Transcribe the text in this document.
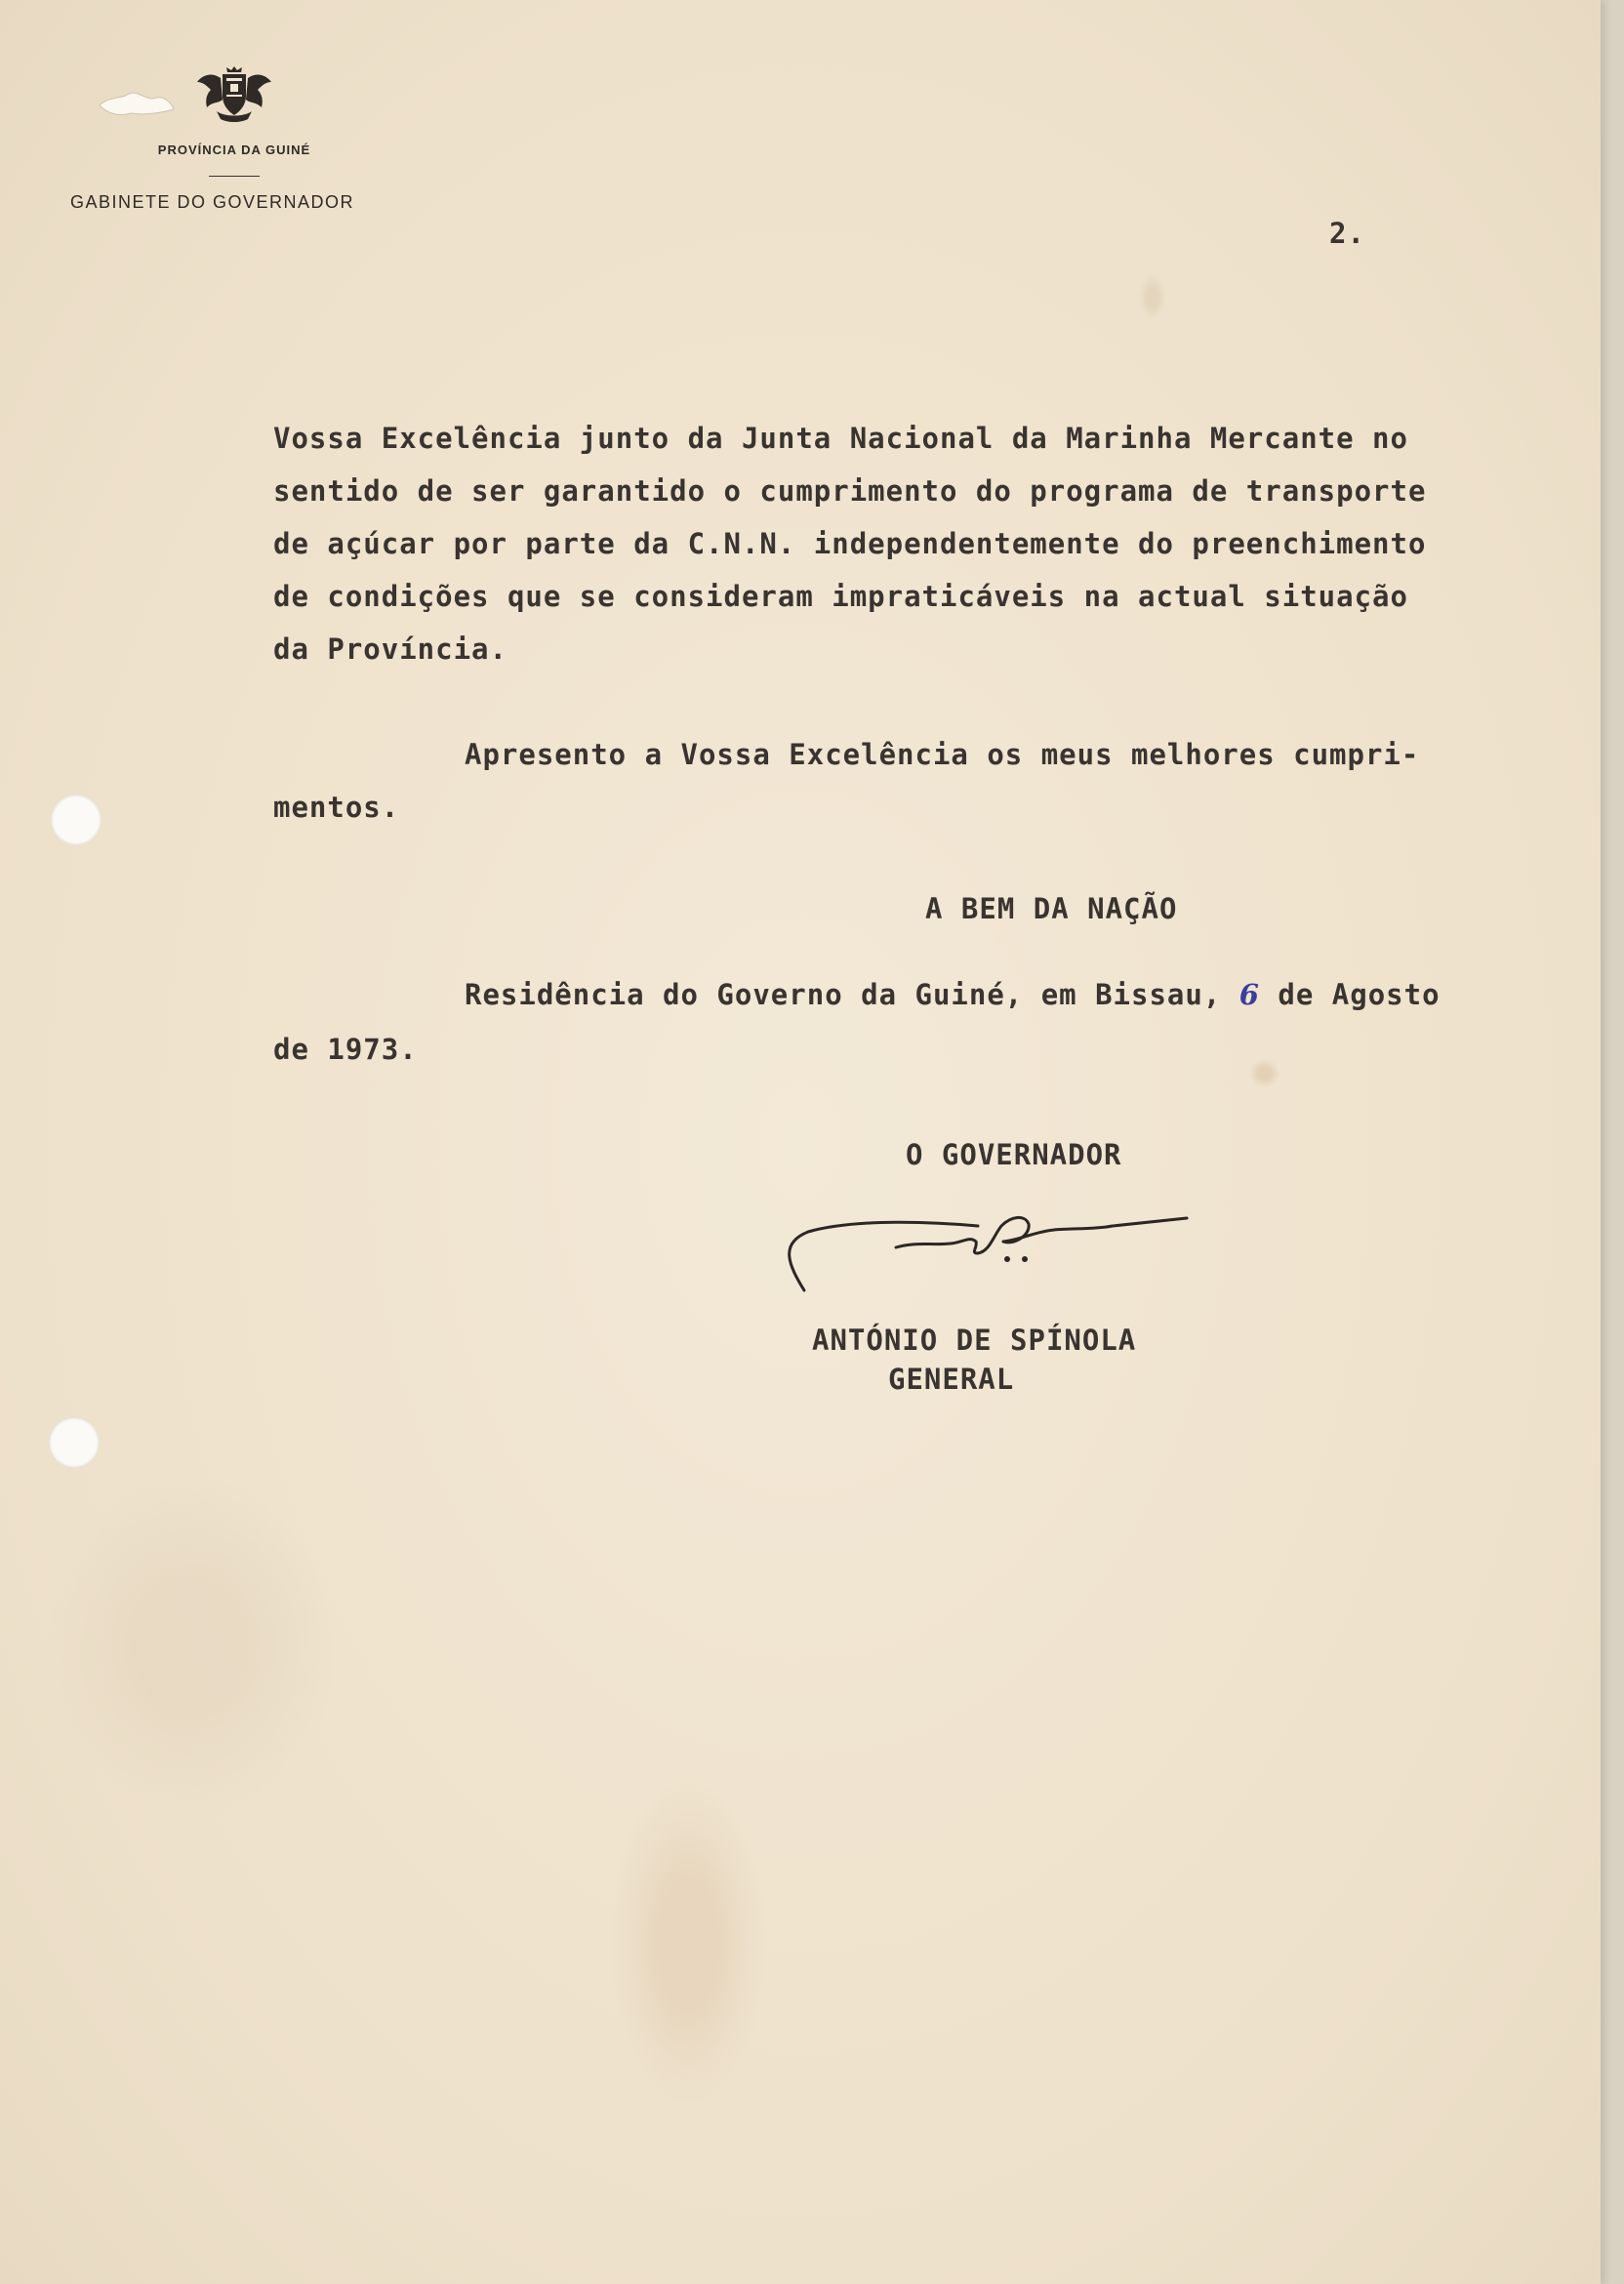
PROVÍNCIA DA GUINÉ
GABINETE DO GOVERNADOR
2.
Vossa Excelência junto da Junta Nacional da Marinha Mercante no
sentido de ser garantido o cumprimento do programa de transporte
de açúcar por parte da C.N.N. independentemente do preenchimento
de condições que se consideram impraticáveis na actual situação
da Província.
Apresento a Vossa Excelência os meus melhores cumpri-
mentos.
A BEM DA NAÇÃO
Residência do Governo da Guiné, em Bissau, 6 de Agosto
de 1973.
O GOVERNADOR
ANTÓNIO DE SPÍNOLA
GENERAL
